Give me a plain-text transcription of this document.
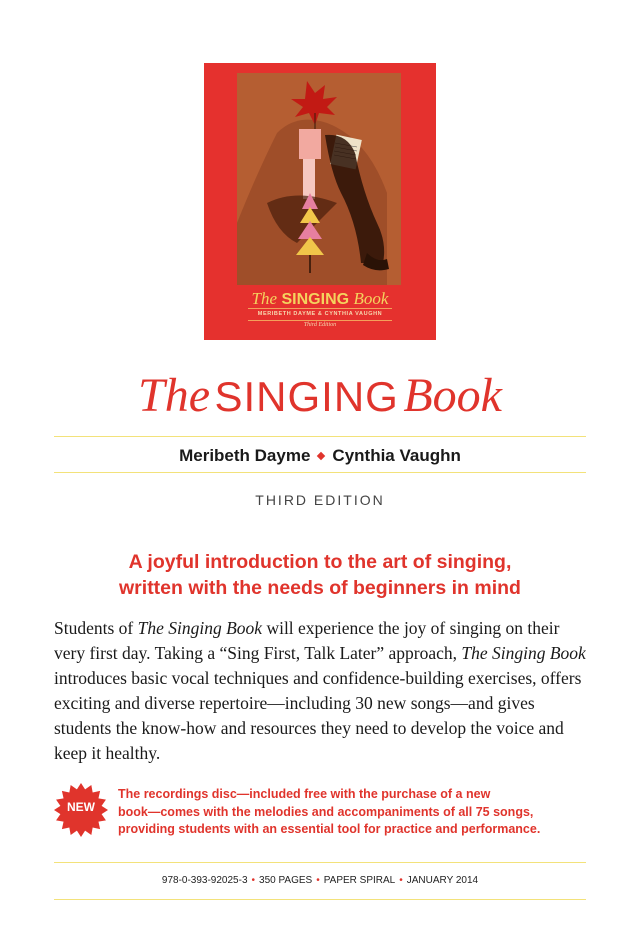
The SINGING Book
MERIBETH DAYME & CYNTHIA VAUGHN
Third Edition
The SINGING Book
Meribeth Dayme Cynthia Vaughn
THIRD EDITION
A joyful introduction to the art of singing,
written with the needs of beginners in mind
Students of The Singing Book will experience the joy of singing on their very first day. Taking a “Sing First, Talk Later” approach, The Singing Book introduces basic vocal techniques and confidence-building exercises, offers exciting and diverse repertoire—including 30 new songs—and gives students the know-how and resources they need to develop the voice and keep it healthy.
NEW
The recordings disc—included free with the purchase of a new
book—comes with the melodies and accompaniments of all 75 songs,
providing students with an essential tool for practice and performance.
978-0-393-92025-3 • 350 PAGES • PAPER SPIRAL • JANUARY 2014
